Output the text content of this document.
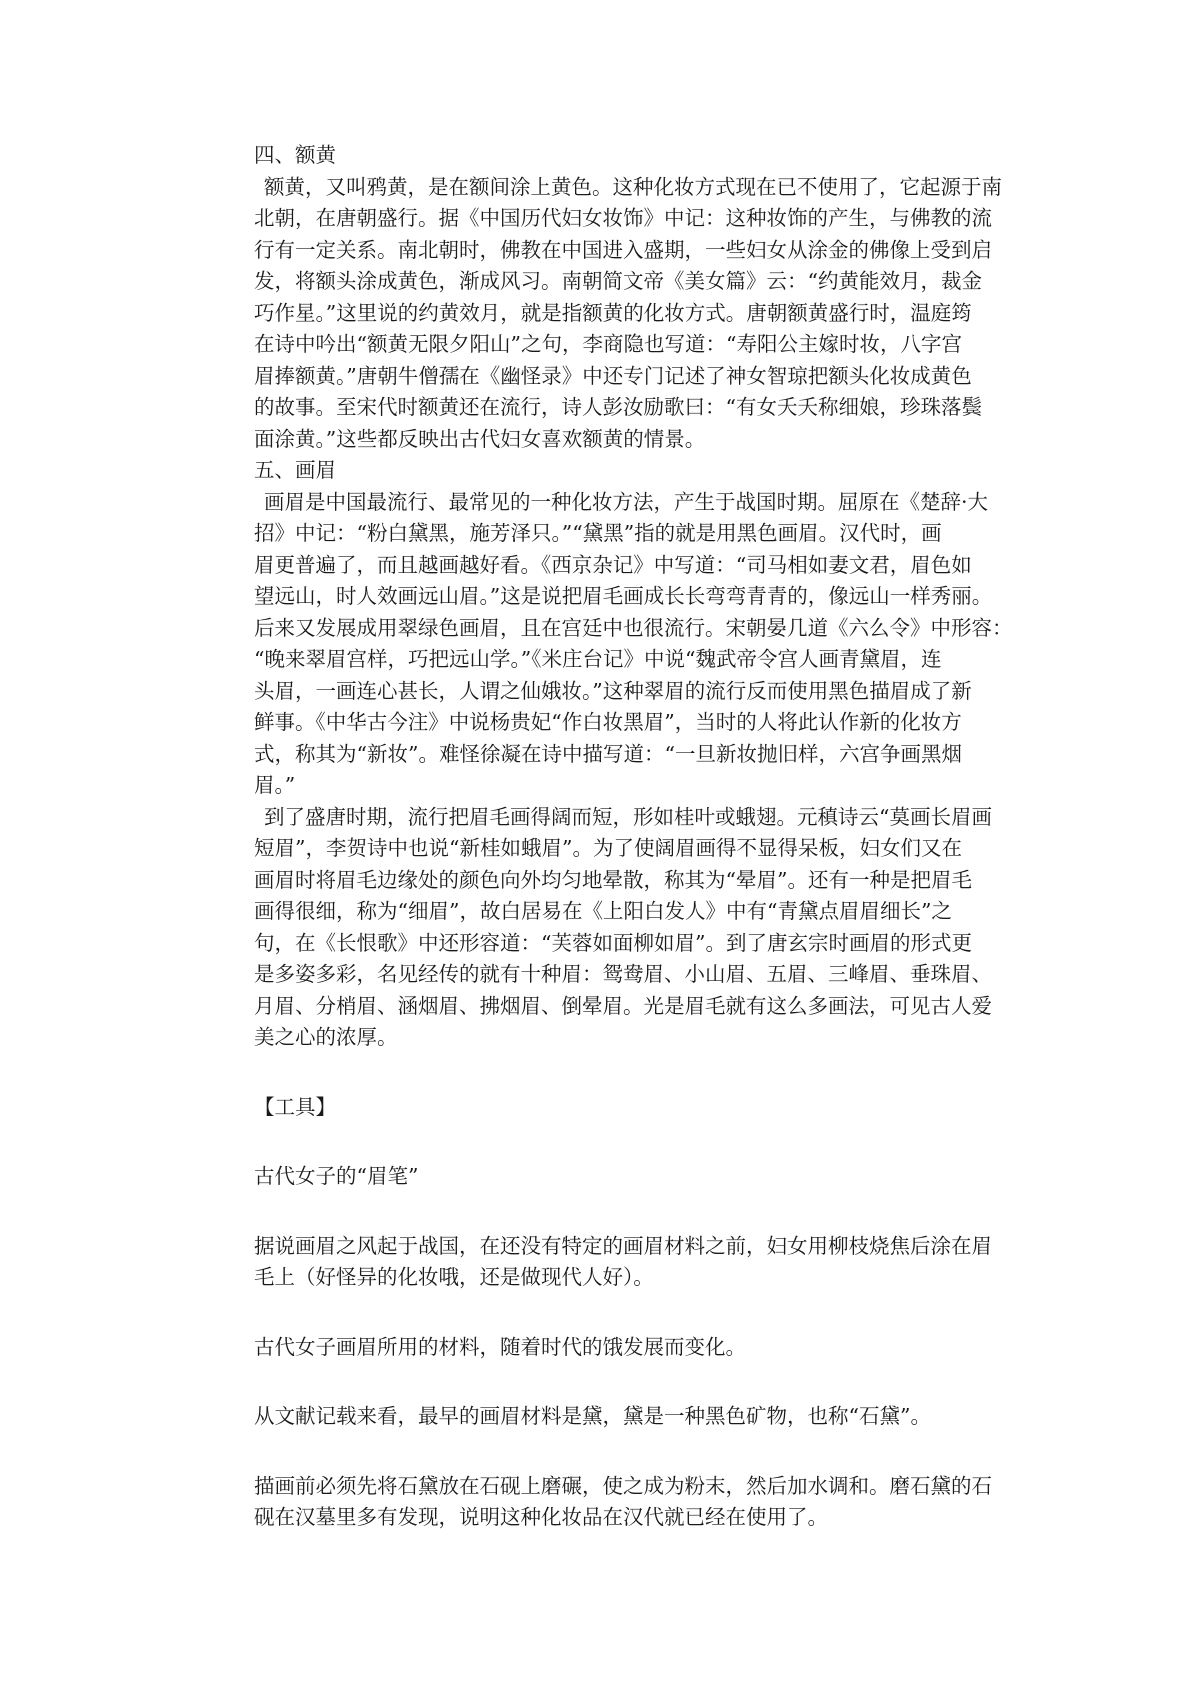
四、额黄
额黄，又叫鸦黄，是在额间涂上黄色。这种化妆方式现在已不使用了，它起源于南
北朝，在唐朝盛行。据《中国历代妇女妆饰》中记：这种妆饰的产生，与佛教的流
行有一定关系。南北朝时，佛教在中国进入盛期，一些妇女从涂金的佛像上受到启
发，将额头涂成黄色，渐成风习。南朝简文帝《美女篇》云：“约黄能效月，裁金
巧作星。”这里说的约黄效月，就是指额黄的化妆方式。唐朝额黄盛行时，温庭筠
在诗中吟出“额黄无限夕阳山”之句，李商隐也写道：“寿阳公主嫁时妆，八字宫
眉捧额黄。”唐朝牛僧孺在《幽怪录》中还专门记述了神女智琼把额头化妆成黄色
的故事。至宋代时额黄还在流行，诗人彭汝励歌曰：“有女夭夭称细娘，珍珠落鬓
面涂黄。”这些都反映出古代妇女喜欢额黄的情景。
五、画眉
画眉是中国最流行、最常见的一种化妆方法，产生于战国时期。屈原在《楚辞·大
招》中记：“粉白黛黑，施芳泽只。”“黛黑”指的就是用黑色画眉。汉代时，画
眉更普遍了，而且越画越好看。《西京杂记》中写道：“司马相如妻文君，眉色如
望远山，时人效画远山眉。”这是说把眉毛画成长长弯弯青青的，像远山一样秀丽。
后来又发展成用翠绿色画眉，且在宫廷中也很流行。宋朝晏几道《六么令》中形容：
“晚来翠眉宫样，巧把远山学。”《米庄台记》中说“魏武帝令宫人画青黛眉，连
头眉，一画连心甚长，人谓之仙娥妆。”这种翠眉的流行反而使用黑色描眉成了新
鲜事。《中华古今注》中说杨贵妃“作白妆黑眉”，当时的人将此认作新的化妆方
式，称其为“新妆”。难怪徐凝在诗中描写道：“一旦新妆抛旧样，六宫争画黑烟
眉。”
到了盛唐时期，流行把眉毛画得阔而短，形如桂叶或蛾翅。元稹诗云“莫画长眉画
短眉”，李贺诗中也说“新桂如蛾眉”。为了使阔眉画得不显得呆板，妇女们又在
画眉时将眉毛边缘处的颜色向外均匀地晕散，称其为“晕眉”。还有一种是把眉毛
画得很细，称为“细眉”，故白居易在《上阳白发人》中有“青黛点眉眉细长”之
句，在《长恨歌》中还形容道：“芙蓉如面柳如眉”。到了唐玄宗时画眉的形式更
是多姿多彩，名见经传的就有十种眉：鸳鸯眉、小山眉、五眉、三峰眉、垂珠眉、
月眉、分梢眉、涵烟眉、拂烟眉、倒晕眉。光是眉毛就有这么多画法，可见古人爱
美之心的浓厚。
【工具】
古代女子的“眉笔”
据说画眉之风起于战国，在还没有特定的画眉材料之前，妇女用柳枝烧焦后涂在眉
毛上（好怪异的化妆哦，还是做现代人好）。
古代女子画眉所用的材料，随着时代的饿发展而变化。
从文献记载来看，最早的画眉材料是黛，黛是一种黑色矿物，也称“石黛”。
描画前必须先将石黛放在石砚上磨碾，使之成为粉末，然后加水调和。磨石黛的石
砚在汉墓里多有发现，说明这种化妆品在汉代就已经在使用了。
